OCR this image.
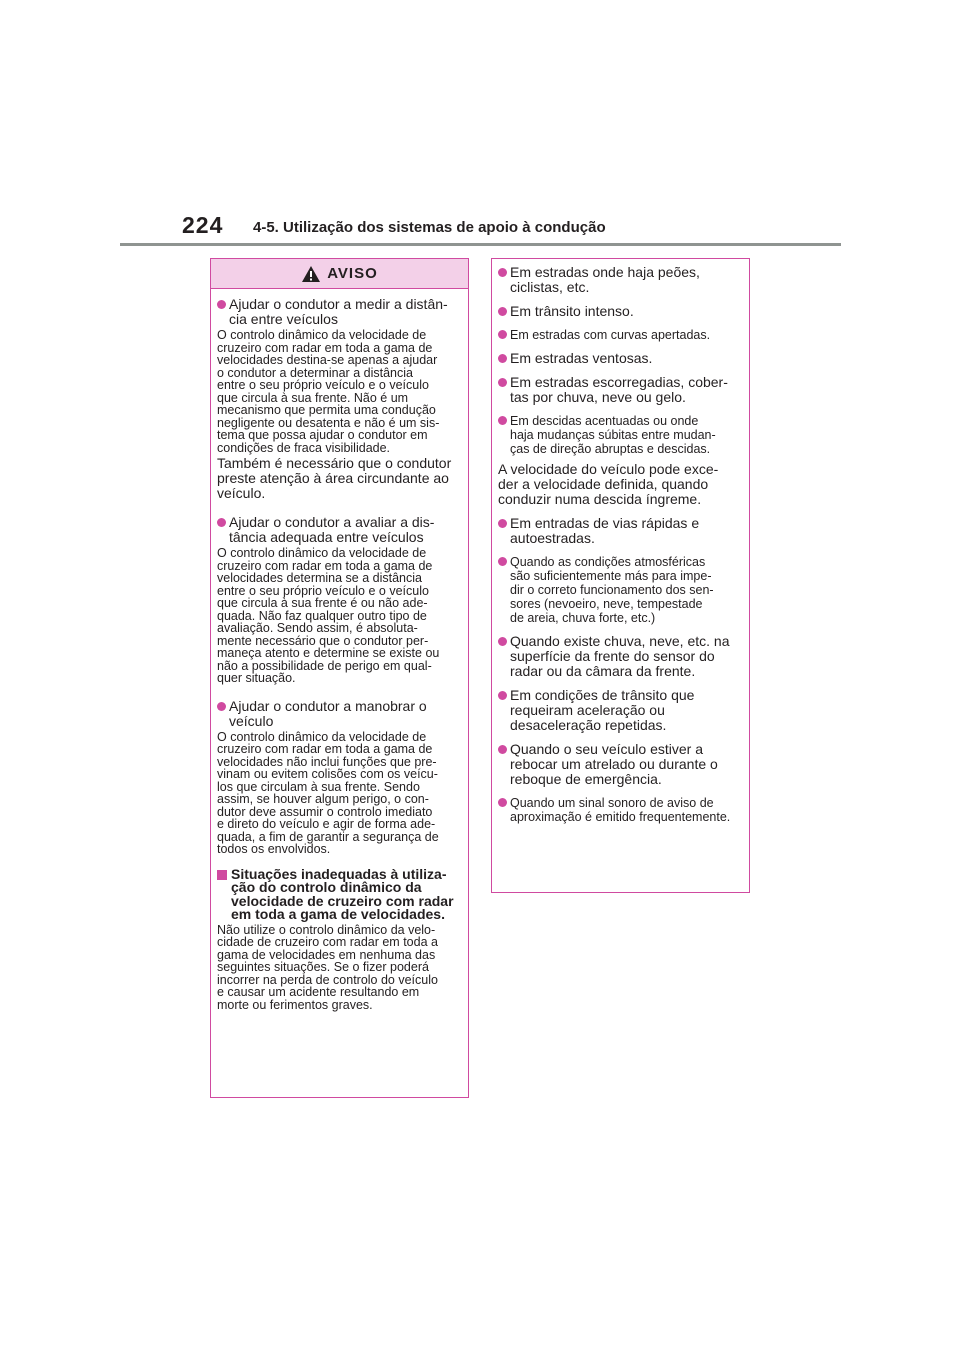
224 4-5. Utilização dos sistemas de apoio à condução
AVISO
Ajudar o condutor a medir a distân-
cia entre veículos
O controlo dinâmico da velocidade de
cruzeiro com radar em toda a gama de
velocidades destina-se apenas a ajudar
o condutor a determinar a distância
entre o seu próprio veículo e o veículo
que circula à sua frente. Não é um
mecanismo que permita uma condução
negligente ou desatenta e não é um sis-
tema que possa ajudar o condutor em
condições de fraca visibilidade.
Também é necessário que o condutor
preste atenção à área circundante ao
veículo.
Ajudar o condutor a avaliar a dis-
tância adequada entre veículos
O controlo dinâmico da velocidade de
cruzeiro com radar em toda a gama de
velocidades determina se a distância
entre o seu próprio veículo e o veículo
que circula à sua frente é ou não ade-
quada. Não faz qualquer outro tipo de
avaliação. Sendo assim, é absoluta-
mente necessário que o condutor per-
maneça atento e determine se existe ou
não a possibilidade de perigo em qual-
quer situação.
Ajudar o condutor a manobrar o
veículo
O controlo dinâmico da velocidade de
cruzeiro com radar em toda a gama de
velocidades não inclui funções que pre-
vinam ou evitem colisões com os veícu-
los que circulam à sua frente. Sendo
assim, se houver algum perigo, o con-
dutor deve assumir o controlo imediato
e direto do veículo e agir de forma ade-
quada, a fim de garantir a segurança de
todos os envolvidos.
Situações inadequadas à utiliza-
ção do controlo dinâmico da
velocidade de cruzeiro com radar
em toda a gama de velocidades.
Não utilize o controlo dinâmico da velo-
cidade de cruzeiro com radar em toda a
gama de velocidades em nenhuma das
seguintes situações. Se o fizer poderá
incorrer na perda de controlo do veículo
e causar um acidente resultando em
morte ou ferimentos graves.
Em estradas onde haja peões,
ciclistas, etc.
Em trânsito intenso.
Em estradas com curvas apertadas.
Em estradas ventosas.
Em estradas escorregadias, cober-
tas por chuva, neve ou gelo.
Em descidas acentuadas ou onde
haja mudanças súbitas entre mudan-
ças de direção abruptas e descidas.
A velocidade do veículo pode exce-
der a velocidade definida, quando
conduzir numa descida íngreme.
Em entradas de vias rápidas e
autoestradas.
Quando as condições atmosféricas
são suficientemente más para impe-
dir o correto funcionamento dos sen-
sores (nevoeiro, neve, tempestade
de areia, chuva forte, etc.)
Quando existe chuva, neve, etc. na
superfície da frente do sensor do
radar ou da câmara da frente.
Em condições de trânsito que
requeiram aceleração ou
desaceleração repetidas.
Quando o seu veículo estiver a
rebocar um atrelado ou durante o
reboque de emergência.
Quando um sinal sonoro de aviso de
aproximação é emitido frequentemente.
